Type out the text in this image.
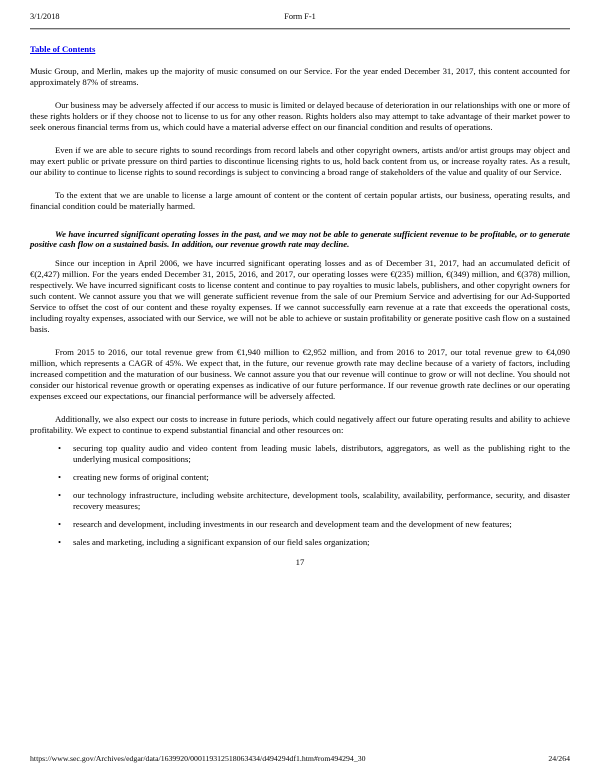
3/1/2018	Form F-1
Table of Contents

Music Group, and Merlin, makes up the majority of music consumed on our Service. For the year ended December 31, 2017, this content accounted for approximately 87% of streams.

Our business may be adversely affected if our access to music is limited or delayed because of deterioration in our relationships with one or more of these rights holders or if they choose not to license to us for any other reason. Rights holders also may attempt to take advantage of their market power to seek onerous financial terms from us, which could have a material adverse effect on our financial condition and results of operations.

Even if we are able to secure rights to sound recordings from record labels and other copyright owners, artists and/or artist groups may object and may exert public or private pressure on third parties to discontinue licensing rights to us, hold back content from us, or increase royalty rates. As a result, our ability to continue to license rights to sound recordings is subject to convincing a broad range of stakeholders of the value and quality of our Service.

To the extent that we are unable to license a large amount of content or the content of certain popular artists, our business, operating results, and financial condition could be materially harmed.

We have incurred significant operating losses in the past, and we may not be able to generate sufficient revenue to be profitable, or to generate positive cash flow on a sustained basis. In addition, our revenue growth rate may decline.

Since our inception in April 2006, we have incurred significant operating losses and as of December 31, 2017, had an accumulated deficit of €(2,427) million. For the years ended December 31, 2015, 2016, and 2017, our operating losses were €(235) million, €(349) million, and €(378) million, respectively. We have incurred significant costs to license content and continue to pay royalties to music labels, publishers, and other copyright owners for such content. We cannot assure you that we will generate sufficient revenue from the sale of our Premium Service and advertising for our Ad-Supported Service to offset the cost of our content and these royalty expenses. If we cannot successfully earn revenue at a rate that exceeds the operational costs, including royalty expenses, associated with our Service, we will not be able to achieve or sustain profitability or generate positive cash flow on a sustained basis.

From 2015 to 2016, our total revenue grew from €1,940 million to €2,952 million, and from 2016 to 2017, our total revenue grew to €4,090 million, which represents a CAGR of 45%. We expect that, in the future, our revenue growth rate may decline because of a variety of factors, including increased competition and the maturation of our business. We cannot assure you that our revenue will continue to grow or will not decline. You should not consider our historical revenue growth or operating expenses as indicative of our future performance. If our revenue growth rate declines or our operating expenses exceed our expectations, our financial performance will be adversely affected.

Additionally, we also expect our costs to increase in future periods, which could negatively affect our future operating results and ability to achieve profitability. We expect to continue to expend substantial financial and other resources on:

•	securing top quality audio and video content from leading music labels, distributors, aggregators, as well as the publishing right to the underlying musical compositions;
•	creating new forms of original content;
•	our technology infrastructure, including website architecture, development tools, scalability, availability, performance, security, and disaster recovery measures;
•	research and development, including investments in our research and development team and the development of new features;
•	sales and marketing, including a significant expansion of our field sales organization;
17
https://www.sec.gov/Archives/edgar/data/1639920/000119312518063434/d494294df1.htm#rom494294_30	24/264
